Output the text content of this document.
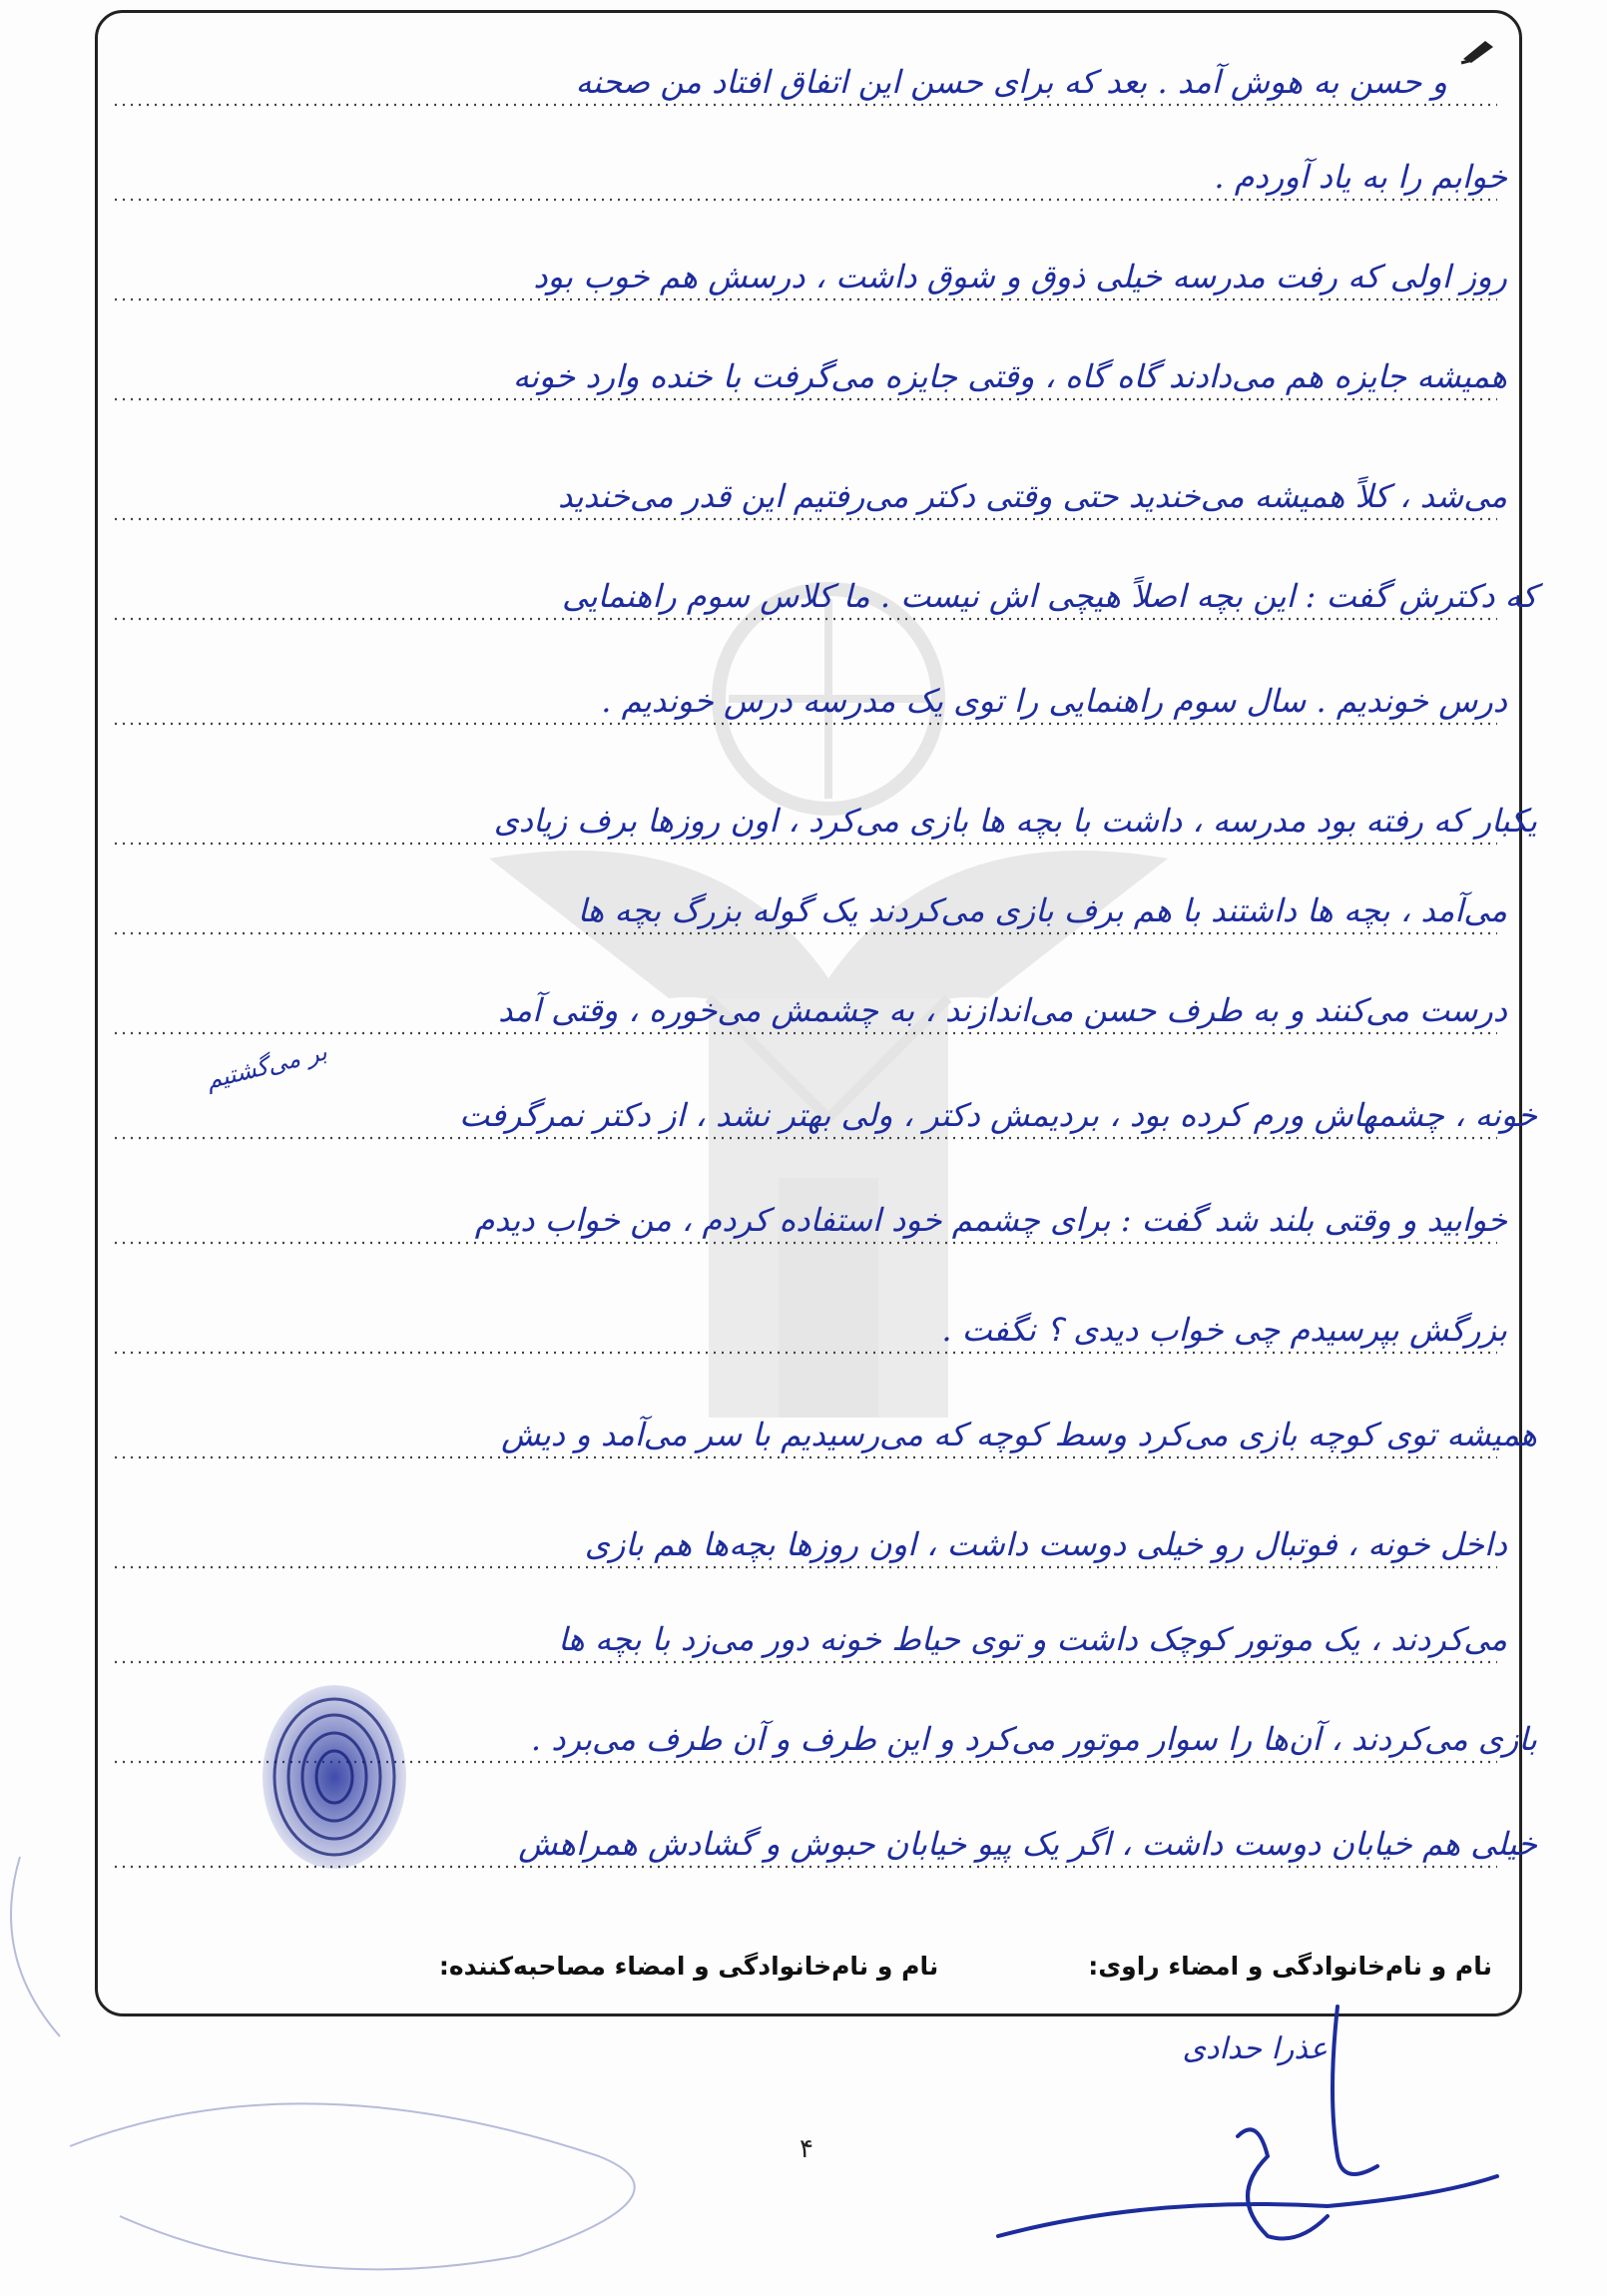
و حسن به هوش آمد . بعد که برای حسن این اتفاق افتاد من صحنه
خوابم را به یاد آوردم .
روز اولی که رفت مدرسه خیلی ذوق و شوق داشت ، درسش هم خوب بود
همیشه جایزه هم می‌دادند گاه گاه ، وقتی جایزه می‌گرفت با خنده وارد خونه
می‌شد ، کلاً همیشه می‌خندید حتی وقتی دکتر می‌رفتیم این قدر می‌خندید
که دکترش گفت : این بچه اصلاً هیچی اش نیست . ما کلاس سوم راهنمایی
درس خوندیم . سال سوم راهنمایی را توی یک مدرسه درس خوندیم .
یکبار که رفته بود مدرسه ، داشت با بچه ها بازی می‌کرد ، اون روزها برف زیادی
می‌آمد ، بچه ها داشتند با هم برف بازی می‌کردند یک گوله بزرگ بچه ها
درست می‌کنند و به طرف حسن می‌اندازند ، به چشمش می‌خوره ، وقتی آمد
خونه ، چشمهاش ورم کرده بود ، بردیمش دکتر ، ولی بهتر نشد ، از دکتر نمرگرفت
خوابید و وقتی بلند شد گفت : برای چشمم خود استفاده کردم ، من خواب دیدم
بزرگش بپرسیدم چی خواب دیدی ؟ نگفت .
همیشه توی کوچه بازی می‌کرد وسط کوچه که می‌رسیدیم با سر می‌آمد و دیش
داخل خونه ، فوتبال رو خیلی دوست داشت ، اون روزها بچه‌ها هم بازی
می‌کردند ، یک موتور کوچک داشت و توی حیاط خونه دور می‌زد با بچه ها
بازی می‌کردند ، آن‌ها را سوار موتور می‌کرد و این طرف و آن طرف می‌برد .
خیلی هم خیابان دوست داشت ، اگر یک پیو خیابان حبوش و گشادش همراهش
بر می‌گشتیم
نام و نام‌خانوادگی و امضاء راوی:
نام و نام‌خانوادگی و امضاء مصاحبه‌کننده:
عذرا حدادی
۴
